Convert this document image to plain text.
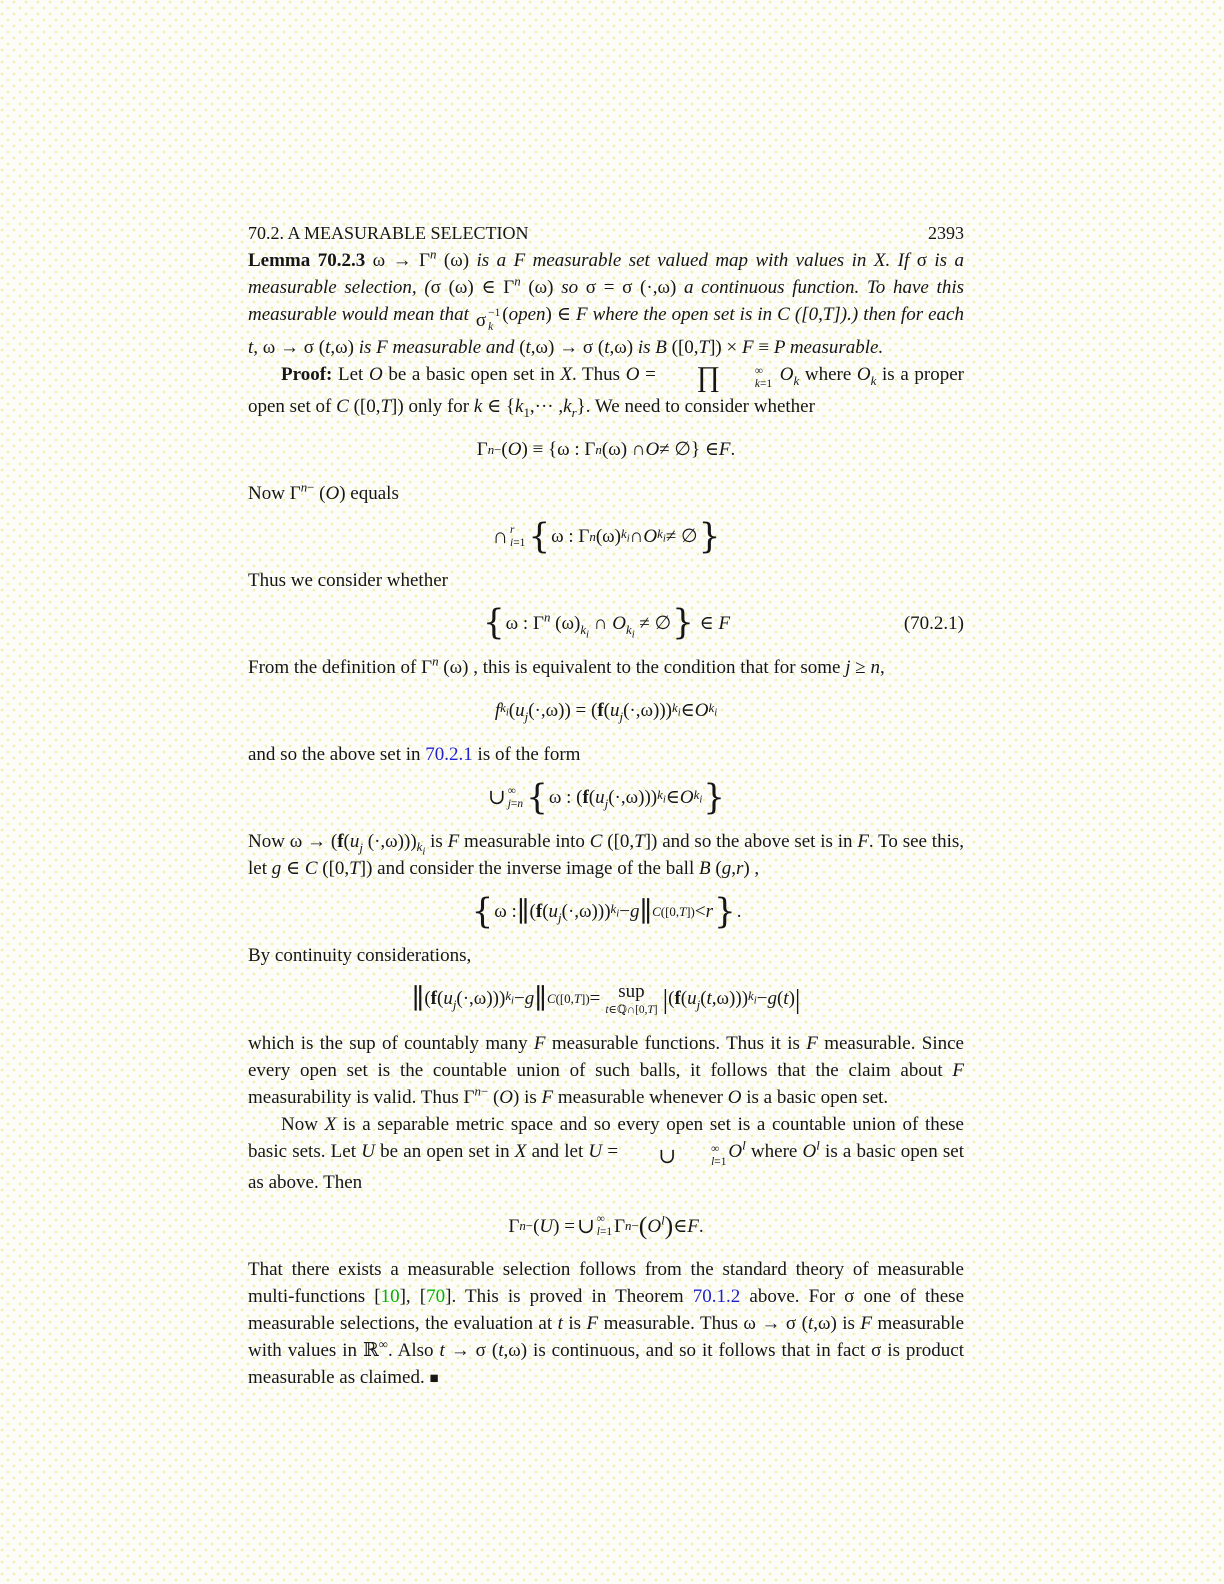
70.2. A MEASURABLE SELECTION	2393

Lemma 70.2.3 $\omega \to \Gamma^n$ (ω) is a F measurable set valued map with values in X. If σ is a measurable selection, (σ (ω) ∈ $\Gamma^n$ (ω) so σ = σ (·,ω) a continuous function. To have this measurable would mean that σ −1
k
(open) ∈ F where the open set is in C ([0,T]).) then for each t, ω → σ (t,ω) is F measurable and (t,ω) → σ (t,ω) is B ([0,T]) × F ≡ P measurable.

Proof: Let O be a basic open set in X. Thus O =	∏	∞
k=1 $O_k$ where $O_k$ is a proper open set of C ([0,T]) only for k ∈ $\{k_1,\cdot\cdot\cdot ,k_r\}$. We need to consider whether

Γ n− ( O ) ≡ {ω : Γ n (ω) ∩ O ≠ ∅} ∈ F .

Now $\Gamma^{n-}$ (O) equals

∩ r
i=1 { ω : Γ n (ω) $k_i$ ∩ O $k_i$ ≠ ∅ }

Thus we consider whether

{ω : $\Gamma^n$ $(\omega)_{k_i}$ ∩ $O_{k_i}$ ≠ ∅} ∈ F	(70.2.1)

From the definition of $\Gamma^n$ (ω) , this is equivalent to the condition that for some j ≥ n,

f $k_i$ ( $u_j$ (·,ω)) = ( f ( $u_j$ (·,ω))) $k_i$ ∈ O $k_i$

and so the above set in 70.2.1 is of the form

∪ ∞
j=n { ω : ( f ( $u_j$ (·,ω))) $k_i$ ∈ O $k_i$ }

Now $\omega \to (f(u_j$ $(\cdot,\omega)))_{k_i}$ is F measurable into C ([0,T]) and so the above set is in F. To see this, let g ∈ C ([0,T]) and consider the inverse image of the ball B (g,r) ,

{ ω : ∥ ( f ( $u_j$ (·,ω))) $k_i - g$ ∥ C([0,T]) < r } .

By continuity considerations,

∥ ( f ( $u_j$ (·,ω))) $k_i - g$ ∥ C([0,T]) = sup
t∈ℚ∩[0,T] | ( f ( $u_j$ ( t ,ω))) $k_i - g$ ( t ) |

which is the sup of countably many F measurable functions. Thus it is F measurable. Since every open set is the countable union of such balls, it follows that the claim about F measurability is valid. Thus $\Gamma^{n-}$ (O) is F measurable whenever O is a basic open set.

Now X is a separable metric space and so every open set is a countable union of these basic sets. Let U be an open set in X and let U =	∪	∞
l=1
$O^l$ where $O^l$ is a basic open set as above. Then

Γ n− ( U ) = ∪ ∞
l=1 Γ n− ( $O^l$ ) ∈ F .

That there exists a measurable selection follows from the standard theory of measurable multi-functions [10], [70]. This is proved in Theorem 70.1.2 above. For σ one of these measurable selections, the evaluation at t is F measurable. Thus ω → σ (t,ω) is F measurable with values in ℝ∞. Also t → σ (t,ω) is continuous, and so it follows that in fact σ is product measurable as claimed. ■
